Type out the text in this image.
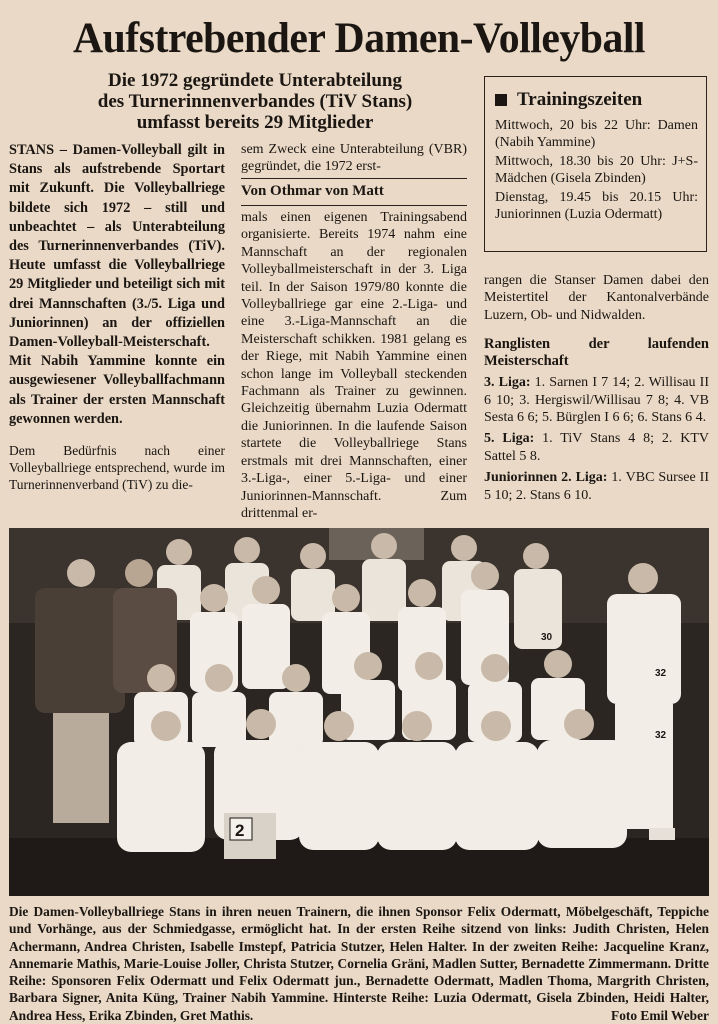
Aufstrebender Damen-Volleyball
Die 1972 gegründete Unterabteilung
des Turnerinnenverbandes (TiV Stans)
umfasst bereits 29 Mitglieder
Trainingszeiten
Mittwoch, 20 bis 22 Uhr: Damen (Nabih Yammine)
Mittwoch, 18.30 bis 20 Uhr: J+S-Mädchen (Gisela Zbinden)
Dienstag, 19.45 bis 20.15 Uhr: Juniorinnen (Luzia Odermatt)
STANS – Damen-Volleyball gilt in Stans als aufstrebende Sportart mit Zukunft. Die Volleyballriege bildete sich 1972 – still und unbeachtet – als Unterabteilung des Turnerinnenverbandes (TiV). Heute umfasst die Volleyballriege 29 Mitglieder und beteiligt sich mit drei Mannschaften (3./5. Liga und Juniorinnen) an der offiziellen Damen-Volleyball-Meisterschaft. Mit Nabih Yammine konnte ein ausgewiesener Volleyballfachmann als Trainer der ersten Mannschaft gewonnen werden.
Dem Bedürfnis nach einer Volleyballriege entsprechend, wurde im Turnerinnenverband (TiV) zu die-
sem Zweck eine Unterabteilung (VBR) gegründet, die 1972 erst-
Von Othmar von Matt
mals einen eigenen Trainingsabend organisierte. Bereits 1974 nahm eine Mannschaft an der regionalen Volleyballmeisterschaft in der 3. Liga teil. In der Saison 1979/80 konnte die Volleyballriege gar eine 2.-Liga- und eine 3.-Liga-Mannschaft an die Meisterschaft schikken. 1981 gelang es der Riege, mit Nabih Yammine einen schon lange im Volleyball steckenden Fachmann als Trainer zu gewinnen. Gleichzeitig übernahm Luzia Odermatt die Juniorinnen. In die laufende Saison startete die Volleyballriege Stans erstmals mit drei Mannschaften, einer 3.-Liga-, einer 5.-Liga- und einer Juniorinnen-Mannschaft. Zum drittenmal er-

rangen die Stanser Damen dabei den Meistertitel der Kantonalverbände Luzern, Ob- und Nidwalden.

Ranglisten der laufenden Meisterschaft

3. Liga: 1. Sarnen I 7 14; 2. Willisau II 6 10; 3. Hergiswil/Willisau 7 8; 4. VB Sesta 6 6; 5. Bürglen I 6 6; 6. Stans 6 4.

5. Liga: 1. TiV Stans 4 8; 2. KTV Sattel 5 8.

Juniorinnen 2. Liga: 1. VBC Sursee II 5 10; 2. Stans 6 10.

30
32
32
2
Die Damen-Volleyballriege Stans in ihren neuen Trainern, die ihnen Sponsor Felix Odermatt, Möbelgeschäft, Teppiche und Vorhänge, aus der Schmiedgasse, ermöglicht hat. In der ersten Reihe sitzend von links: Judith Christen, Helen Achermann, Andrea Christen, Isabelle Imstepf, Patricia Stutzer, Helen Halter. In der zweiten Reihe: Jacqueline Kranz, Annemarie Mathis, Marie-Louise Joller, Christa Stutzer, Cornelia Gräni, Madlen Sutter, Bernadette Zimmermann. Dritte Reihe: Sponsoren Felix Odermatt und Felix Odermatt jun., Bernadette Odermatt, Madlen Thoma, Margrith Christen, Barbara Signer, Anita Küng, Trainer Nabih Yammine. Hinterste Reihe: Luzia Odermatt, Gisela Zbinden, Heidi Halter, Andrea Hess, Erika Zbinden, Gret Mathis.	Foto Emil Weber
